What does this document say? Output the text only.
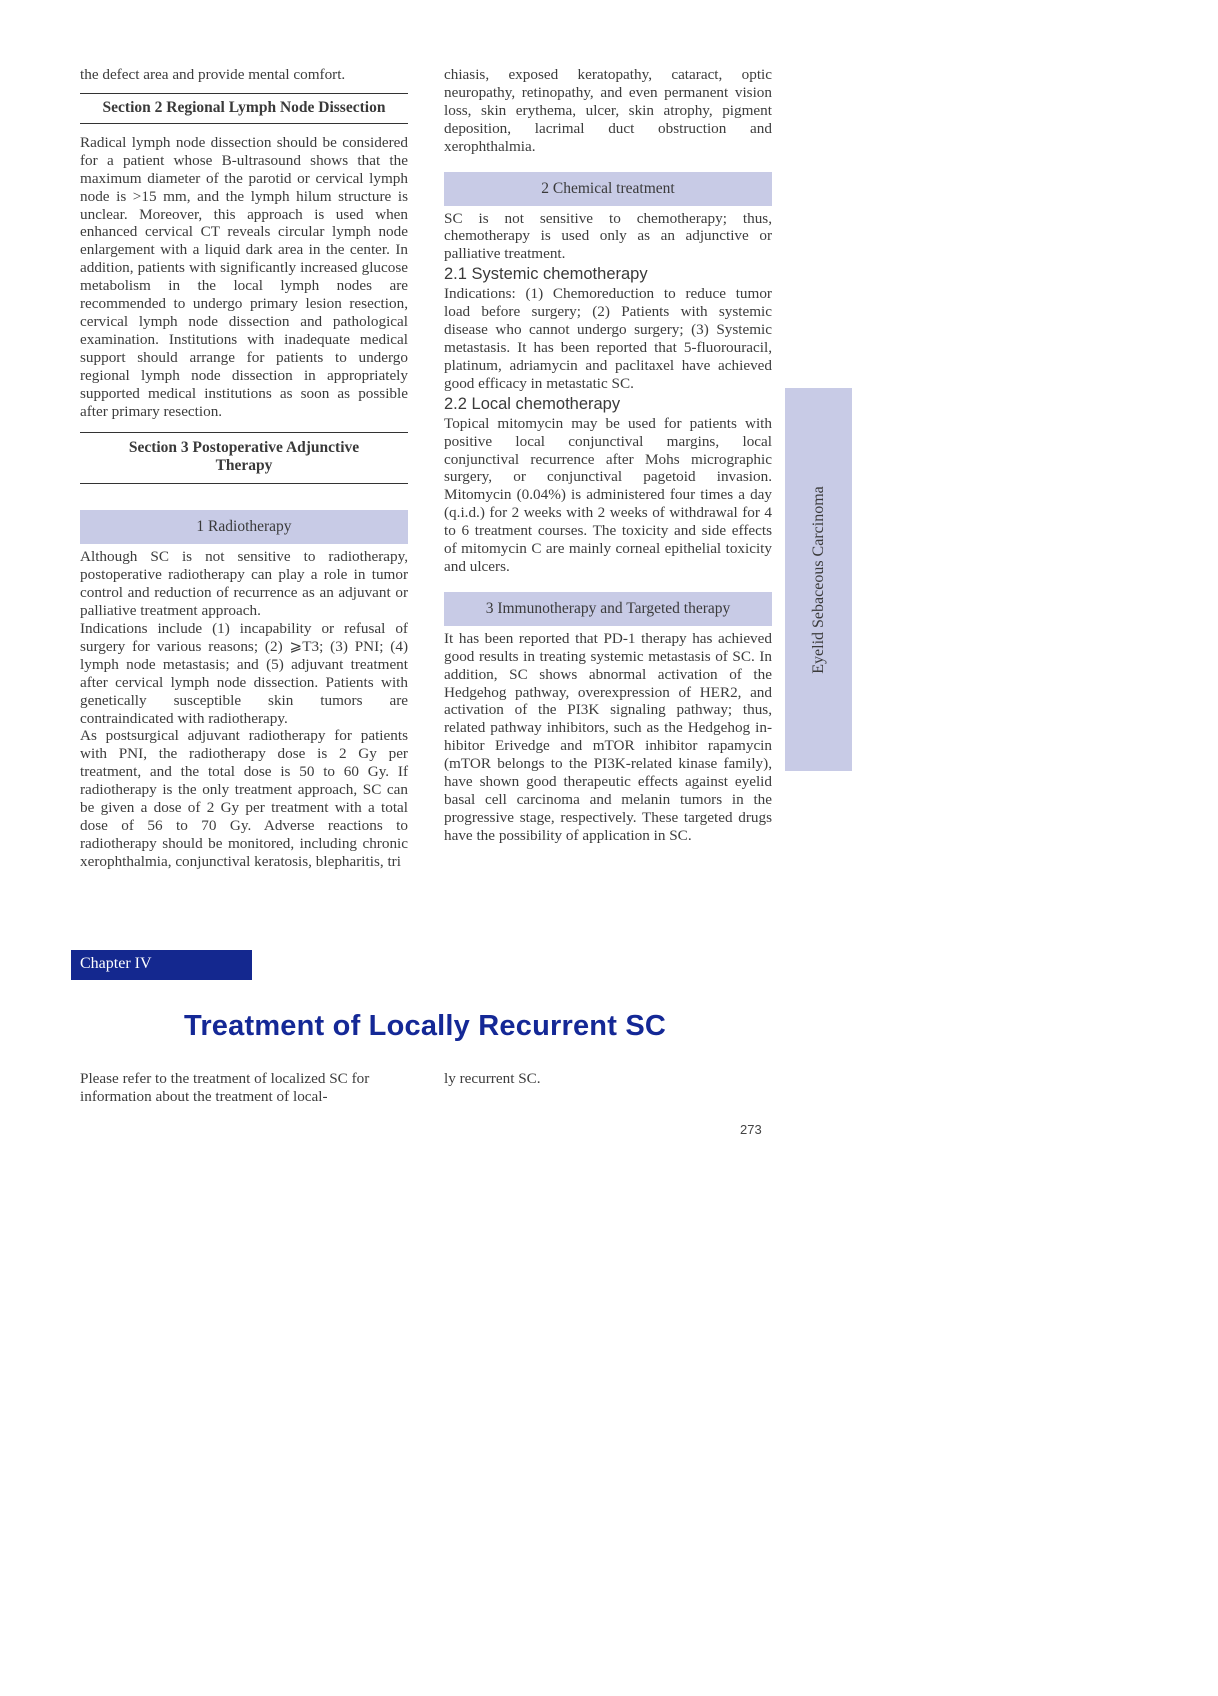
the defect area and provide mental comfort.

Section 2 Regional Lymph Node Dissection

Radical lymph node dissection should be considered for a patient whose B-ultrasound shows that the maximum diameter of the parotid or cervical lymph node is >15 mm, and the lymph hilum structure is unclear. Moreover, this approach is used when enhanced cervical CT reveals circular lymph node enlargement with a liquid dark area in the center. In addition, patients with significantly increased glucose metabolism in the local lymph nodes are recommended to undergo primary lesion resection, cervical lymph node dissection and pathological examination. Institutions with inadequate medical support should arrange for patients to undergo regional lymph node dissection in appropriately supported medical institutions as soon as possible after primary resection.

Section 3 Postoperative Adjunctive Therapy
1 Radiotherapy

Although SC is not sensitive to radiotherapy, postoperative radiotherapy can play a role in tumor control and reduction of recurrence as an adjuvant or palliative treatment approach.

Indications include (1) incapability or refusal of surgery for various reasons; (2) ⩾T3; (3) PNI; (4) lymph node metastasis; and (5) adjuvant treatment after cervical lymph node dissection. Patients with genetically susceptible skin tumors are contraindicated with radiotherapy.

As postsurgical adjuvant radiotherapy for patients with PNI, the radiotherapy dose is 2 Gy per treatment, and the total dose is 50 to 60 Gy. If radiotherapy is the only treatment approach, SC can be given a dose of 2 Gy per treatment with a total dose of 56 to 70 Gy. Adverse reactions to radiotherapy should be monitored, including chronic xerophthalmia, conjunctival keratosis, blepharitis, tri

chiasis, exposed keratopathy, cataract, optic neuropathy, retinopathy, and even permanent vision loss, skin erythema, ulcer, skin atrophy, pigment deposition, lacrimal duct obstruction and xerophthalmia.

2 Chemical treatment

SC is not sensitive to chemotherapy; thus, chemotherapy is used only as an adjunctive or palliative treatment.

2.1 Systemic chemotherapy

Indications: (1) Chemoreduction to reduce tumor load before surgery; (2) Patients with systemic disease who cannot undergo surgery; (3) Systemic metastasis. It has been reported that 5-fluorouracil, platinum, adriamycin and paclitaxel have achieved good efficacy in metastatic SC.

2.2 Local chemotherapy

Topical mitomycin may be used for patients with positive local conjunctival margins, local conjunctival recurrence after Mohs micrographic surgery, or conjunctival pagetoid invasion. Mitomycin (0.04%) is administered four times a day (q.i.d.) for 2 weeks with 2 weeks of withdrawal for 4 to 6 treatment courses. The toxicity and side effects of mitomycin C are mainly corneal epithelial toxicity and ulcers.

3 Immunotherapy and Targeted therapy

It has been reported that PD-1 therapy has achieved good results in treating systemic metastasis of SC. In addition, SC shows abnormal activation of the Hedgehog pathway, overexpression of HER2, and activation of the PI3K signaling pathway; thus, related pathway inhibitors, such as the Hedgehog inhibitor Erivedge and mTOR inhibitor rapamycin (mTOR belongs to the PI3K-related kinase family), have shown good therapeutic effects against eyelid basal cell carcinoma and melanin tumors in the progressive stage, respectively. These targeted drugs have the possibility of application in SC.

Eyelid Sebaceous Carcinoma
Chapter IV
Treatment of Locally Recurrent SC
Please refer to the treatment of localized SC for information about the treatment of local-
ly recurrent SC.
273
